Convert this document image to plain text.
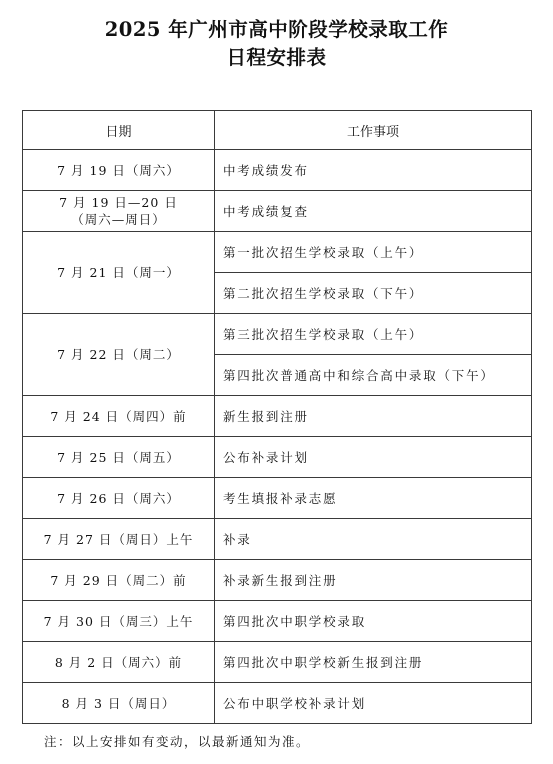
2025 年广州市高中阶段学校录取工作
日程安排表
日期	工作事项
7 月 19 日（周六）	中考成绩发布

7 月 19 日—20 日
（周六—周日）	中考成绩复查
7 月 21 日（周一）	第一批次招生学校录取（上午）
	第二批次招生学校录取（下午）
7 月 22 日（周二）	第三批次招生学校录取（上午）
	第四批次普通高中和综合高中录取（下午）
7 月 24 日（周四）前	新生报到注册
7 月 25 日（周五）	公布补录计划
7 月 26 日（周六）	考生填报补录志愿
7 月 27 日（周日）上午	补录
7 月 29 日（周二）前	补录新生报到注册
7 月 30 日（周三）上午	第四批次中职学校录取
8 月 2 日（周六）前	第四批次中职学校新生报到注册
8 月 3 日（周日）	公布中职学校补录计划
注：以上安排如有变动，以最新通知为准。
